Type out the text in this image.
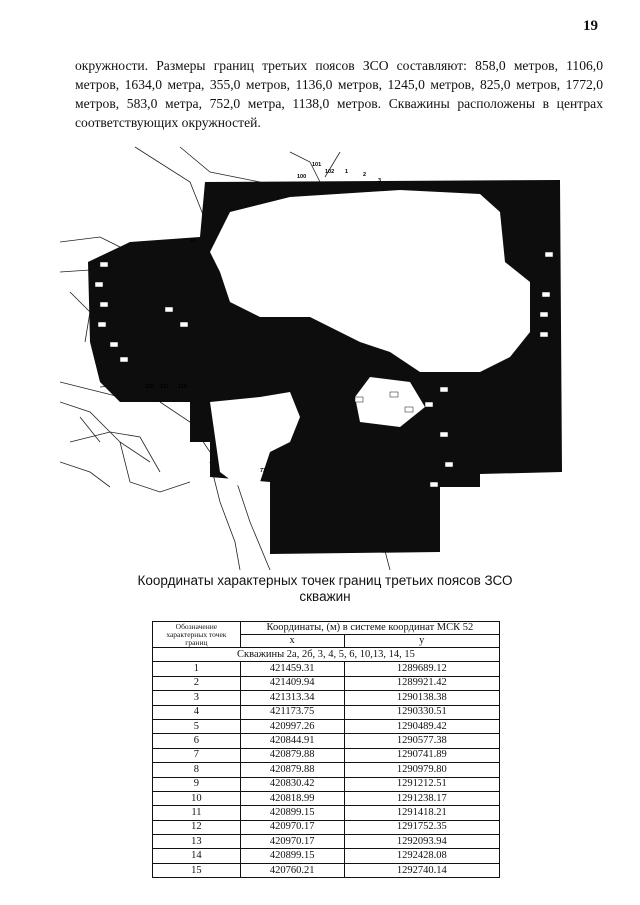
19
окружности. Размеры границ третьих поясов ЗСО составляют: 858,0 метров, 1106,0 метров, 1634,0 метра, 355,0 метров, 1136,0 метров, 1245,0 метров, 825,0 метров, 1772,0 метров, 583,0 метра, 752,0 метра, 1138,0 метров. Скважины расположены в центрах соответствующих окружностей.
101
100
102 1	2
3
93
115 117 116
73
Координаты характерных точек границ третьих поясов ЗСО
скважин
Обозначение характерных точек границ	Координаты, (м) в системе координат МСК 52	
	x	y
Скважины 2а, 2б, 3, 4, 5, 6, 10,13, 14, 15		
1	421459.31	1289689.12
2	421409.94	1289921.42
3	421313.34	1290138.38
4	421173.75	1290330.51
5	420997.26	1290489.42
6	420844.91	1290577.38
7	420879.88	1290741.89
8	420879.88	1290979.80
9	420830.42	1291212.51
10	420818.99	1291238.17
11	420899.15	1291418.21
12	420970.17	1291752.35
13	420970.17	1292093.94
14	420899.15	1292428.08
15	420760.21	1292740.14
